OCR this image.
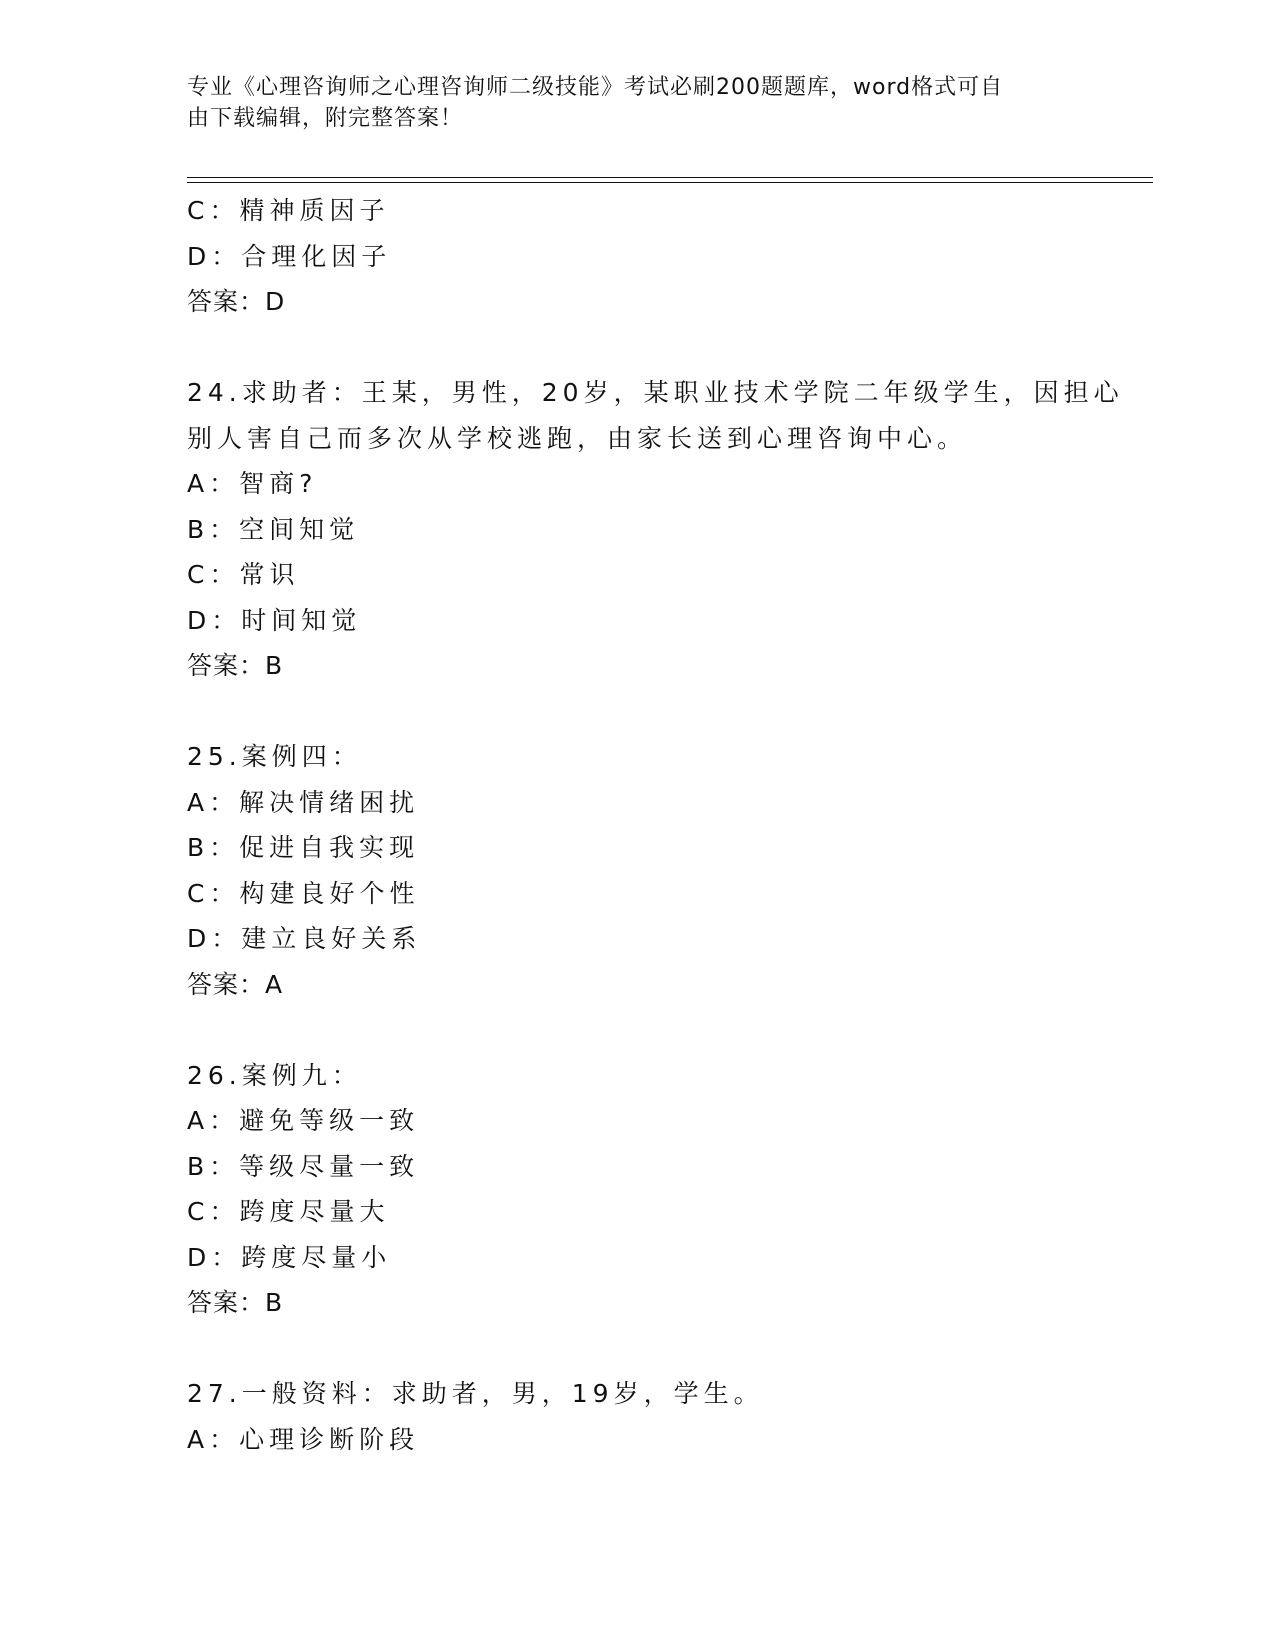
专业《心理咨询师之心理咨询师二级技能》考试必刷200题题库，word格式可自
由下载编辑，附完整答案！
C：精神质因子
D：合理化因子
答案：D
24.求助者：王某，男性，20岁，某职业技术学院二年级学生，因担心
别人害自己而多次从学校逃跑，由家长送到心理咨询中心。
A：智商?
B：空间知觉
C：常识
D：时间知觉
答案：B
25.案例四：
A：解决情绪困扰
B：促进自我实现
C：构建良好个性
D：建立良好关系
答案：A
26.案例九：
A：避免等级一致
B：等级尽量一致
C：跨度尽量大
D：跨度尽量小
答案：B
27.一般资料：求助者，男，19岁，学生。
A：心理诊断阶段
